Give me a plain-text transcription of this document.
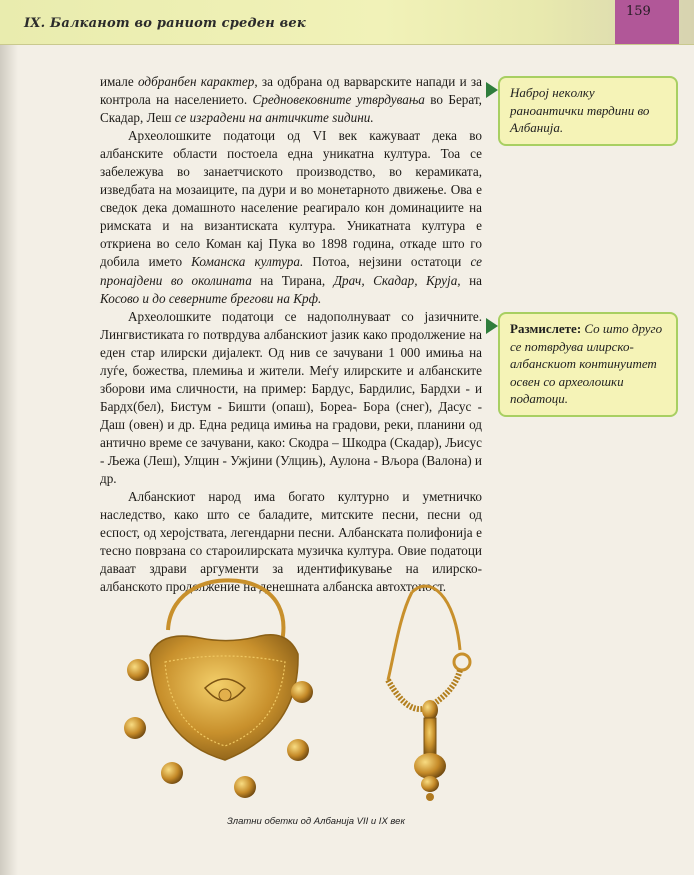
IX. Балканот во раниот среден век
159

имале одбранбен карактер, за одбрана од варварските напади и за контрола на населението. Средновековните утврдувања во Берат, Скадар, Леш се изградени на античките ѕидини.

Археолошките податоци од VI век кажуваат дека во албанските области постоела една уникатна култура. Тоа се забележува во занаетчиското производство, во керамиката, изведбата на мозаиците, па дури и во монетарното движење. Ова е сведок дека домашното население реагирало кон доминациите на римската и на византиската култура. Уникатната култура е откриена во село Коман кај Пука во 1898 година, откаде што го добила името Команска култура. Потоа, нејзини остатоци се пронајдени во околината на Тирана, Драч, Скадар, Круја, на Косово и до северните брегови на Крф.

Археолошките податоци се надополнуваат со јазичните. Лингвистиката го потврдува албанскиот јазик како продолжение на еден стар илирски дијалект. Од нив се зачувани 1 000 имиња на луѓе, божества, племиња и жители. Меѓу илирските и албанските зборови има сличности, на пример: Бардус, Бардилис, Бардхи - и Бардх(бел), Бистум - Бишти (опаш), Бореа- Бора (снег), Дасус - Даш (овен) и др. Една редица имиња на градови, реки, планини од антично време се зачувани, како: Скодра – Шкодра (Скадар), Љисус - Љежа (Леш), Улцин - Ужјини (Улцињ), Аулона - Вљора (Валона) и др.

Албанскиот народ има богато културно и уметничко наследство, како што се баладите, митските песни, песни од еспост, од херојствата, легендарни песни. Албанската полифонија е тесно поврзана со староилирската музичка култура. Овие податоци даваат здрави аргументи за идентификување на илирско-албанското продолжение на денешната албанска автохтоност.

Наброј некoлку раноантички тврдини во Албанија.
Размислете: Со што друго се потврдува илирско-албанскиот континуитет освен со археолошки податоци.
Златни обетки од Албанија VII и IX век
